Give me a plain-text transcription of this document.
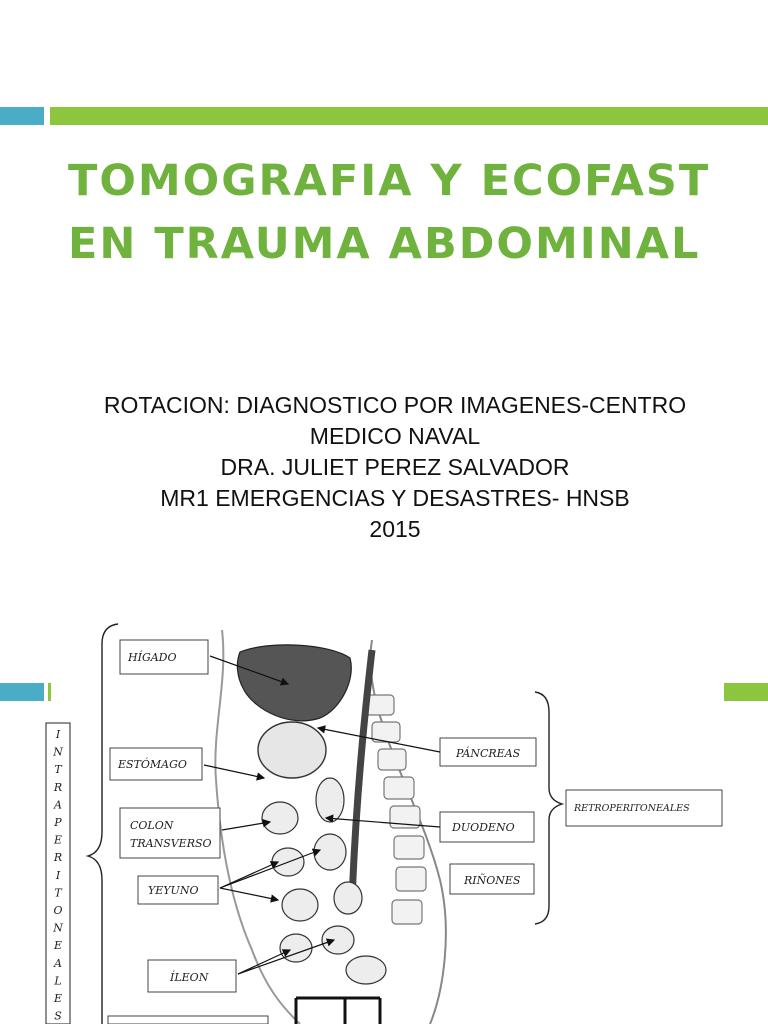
TOMOGRAFIA Y ECOFAST
EN TRAUMA ABDOMINAL
ROTACION: DIAGNOSTICO POR IMAGENES-CENTRO
MEDICO NAVAL
DRA. JULIET PEREZ SALVADOR
MR1 EMERGENCIAS Y DESASTRES- HNSB
2015
I
N
T
R
A
P
E
R
I
T
O
N
E
A
L
E
S
HÍGADO
ESTÓMAGO
COLON
TRANSVERSO
YEYUNO
ÍLEON
PÁNCREAS
DUODENO
RIÑONES
RETROPERITONEALES
